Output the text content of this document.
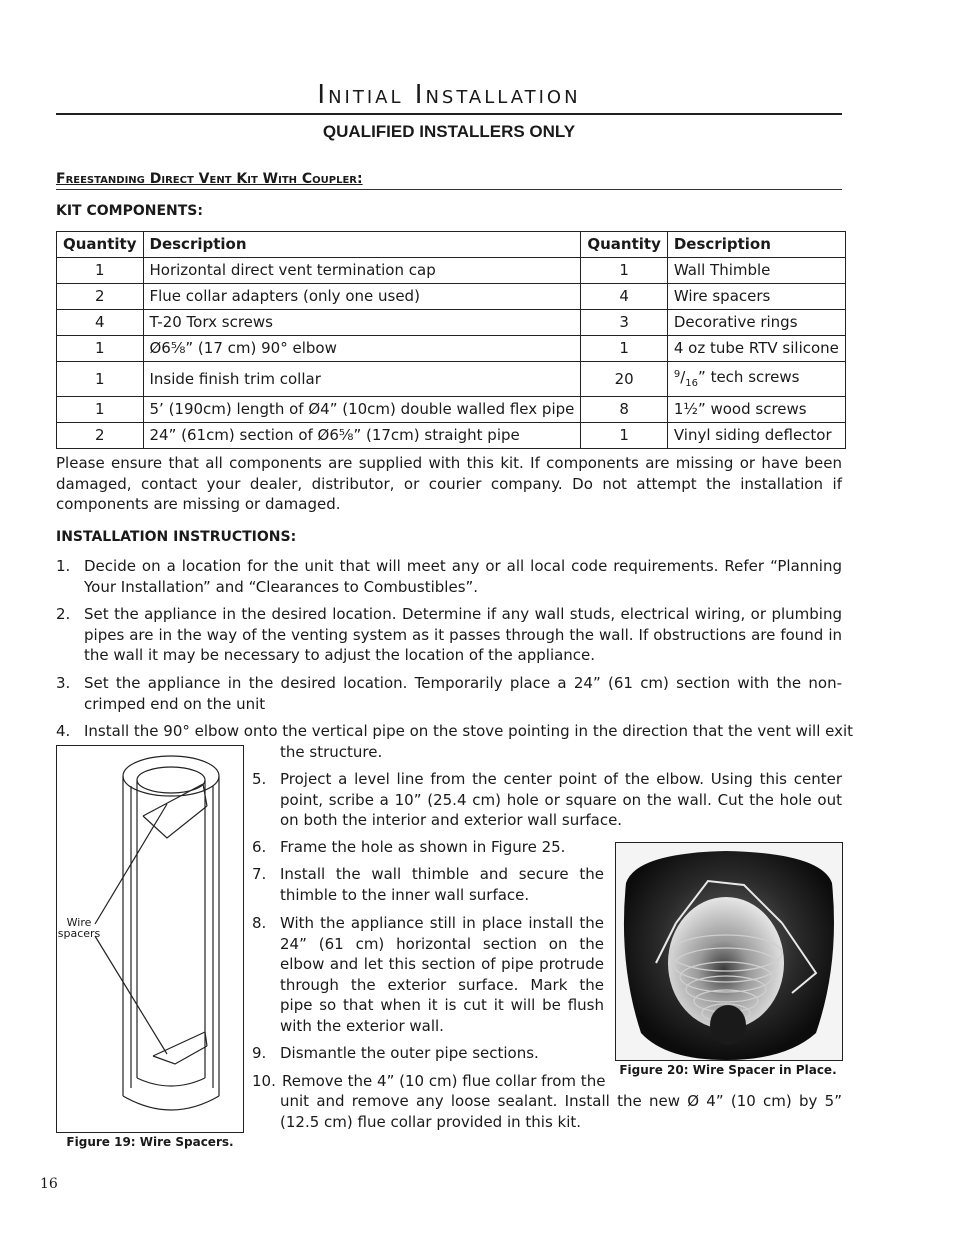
Initial Installation
QUALIFIED INSTALLERS ONLY
Freestanding Direct Vent Kit With Coupler:
KIT COMPONENTS:
Quantity	Description	Quantity	Description
1	Horizontal direct vent termination cap	1	Wall Thimble
2	Flue collar adapters (only one used)	4	Wire spacers
4	T-20 Torx screws	3	Decorative rings
1	Ø6⅝” (17 cm) 90° elbow	1	4 oz tube RTV silicone
1	Inside finish trim collar	20	$^9/_{16}$” tech screws
1	5’ (190cm) length of Ø4” (10cm) double walled flex pipe	8	1½” wood screws
2	24” (61cm) section of Ø6⅝” (17cm) straight pipe	1	Vinyl siding deflector
Please ensure that all components are supplied with this kit. If components are missing or have been damaged, contact your dealer, distributor, or courier company. Do not attempt the installation if components are missing or damaged.
INSTALLATION INSTRUCTIONS:
1. Decide on a location for the unit that will meet any or all local code requirements. Refer “Planning Your Installation” and “Clearances to Combustibles”.
2. Set the appliance in the desired location. Determine if any wall studs, electrical wiring, or plumbing pipes are in the way of the venting system as it passes through the wall. If obstructions are found in the wall it may be necessary to adjust the location of the appliance.
3. Set the appliance in the desired location. Temporarily place a 24” (61 cm) section with the non-crimped end on the unit
4. Install the 90° elbow onto the vertical pipe on the stove pointing in the direction that the vent will exit
the structure.
5. Project a level line from the center point of the elbow. Using this center point, scribe a 10” (25.4 cm) hole or square on the wall. Cut the hole out on both the interior and exterior wall surface.
6. Frame the hole as shown in Figure 25.
7. Install the wall thimble and secure the thimble to the inner wall surface.
8. With the appliance still in place install the 24” (61 cm) horizontal section on the elbow and let this section of pipe protrude through the exterior surface. Mark the pipe so that when it is cut it will be flush with the exterior wall.
9. Dismantle the outer pipe sections.
10. Remove the 4” (10 cm) flue collar from the
unit and remove any loose sealant. Install the new Ø 4” (10 cm) by 5” (12.5 cm) flue collar provided in this kit.
Wire
spacers
Figure 19: Wire Spacers.
Figure 20: Wire Spacer in Place.
16
